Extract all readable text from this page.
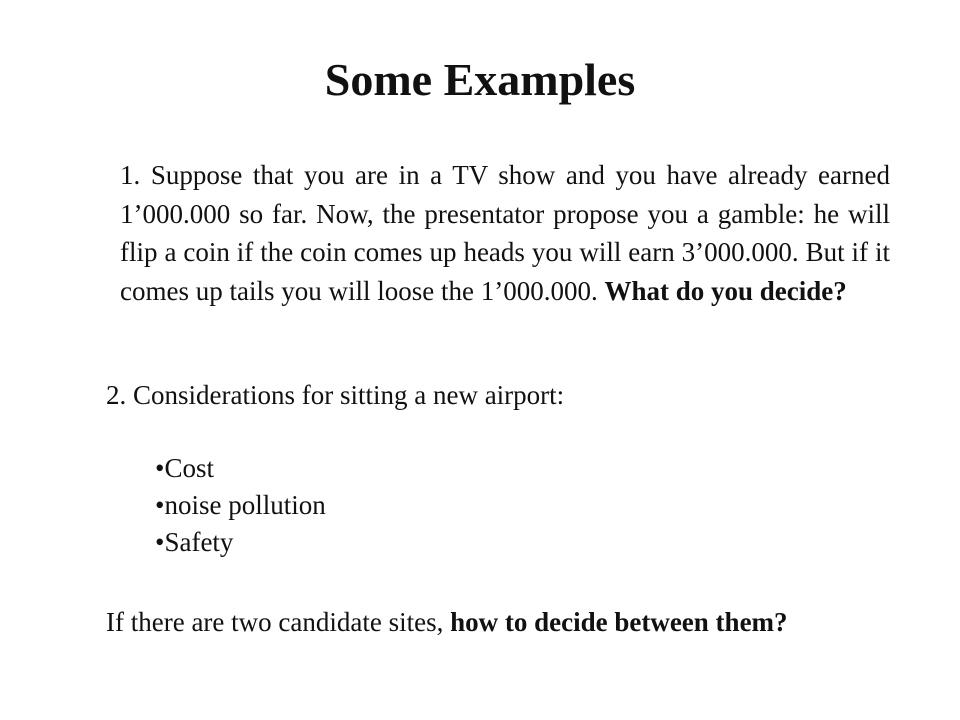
Some Examples
1. Suppose that you are in a TV show and you have already earned 1’000.000 so far. Now, the presentator propose you a gamble: he will flip a coin if the coin comes up heads you will earn 3’000.000. But if it comes up tails you will loose the 1’000.000. What do you decide?
2. Considerations for sitting a new airport:
•Cost
•noise pollution
•Safety
If there are two candidate sites, how to decide between them?
